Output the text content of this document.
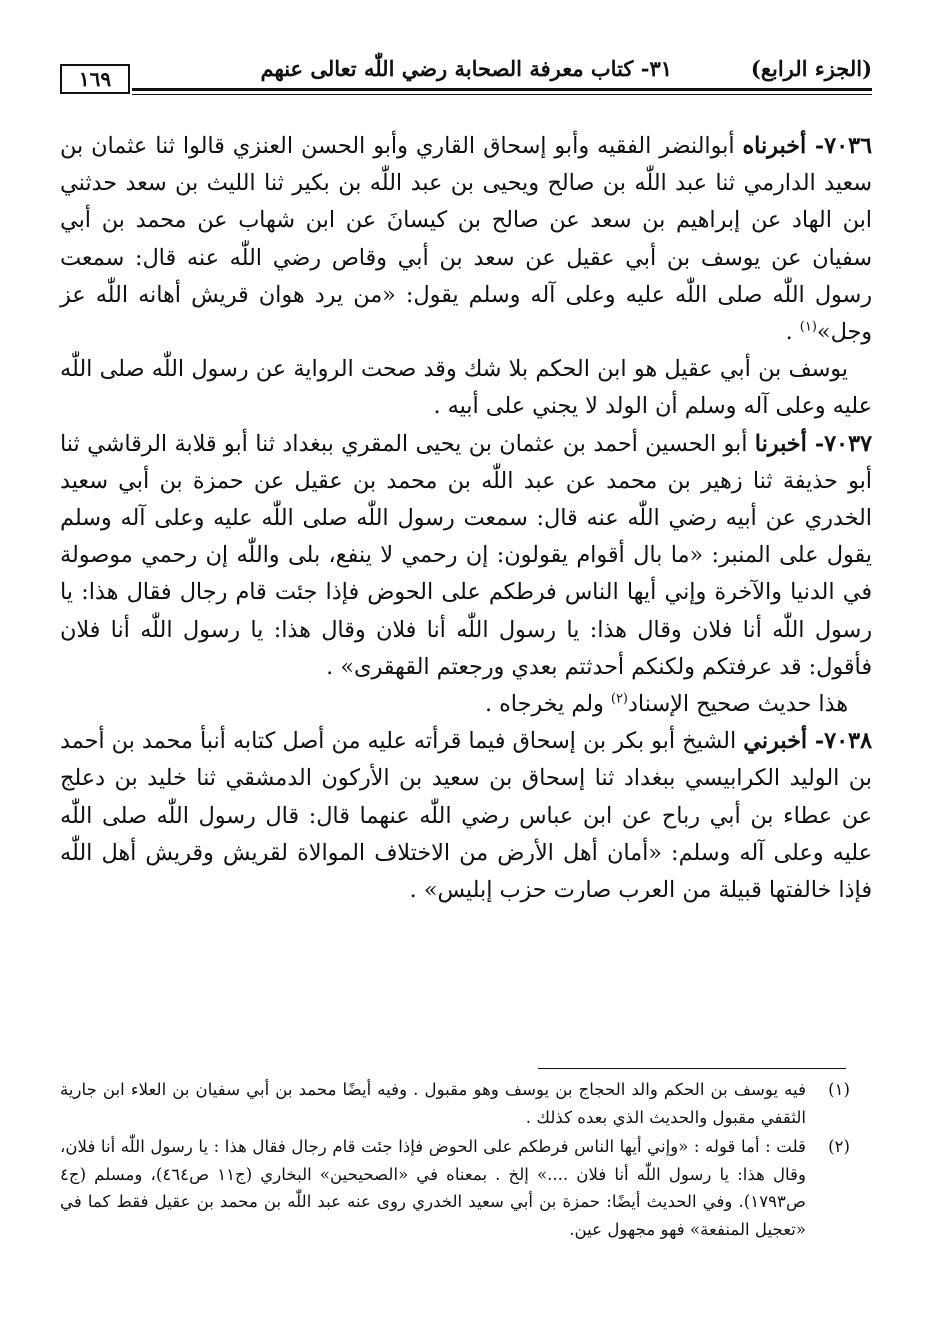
(الجزء الرابع)
٣١- كتاب معرفة الصحابة رضي اللّٰه تعالى عنهم
١٦٩

٧٠٣٦- أخبرناه أبوالنضر الفقيه وأبو إسحاق القاري وأبو الحسن العنزي قالوا ثنا عثمان بن سعيد الدارمي ثنا عبد اللّٰه بن صالح ويحيى بن عبد اللّٰه بن بكير ثنا الليث بن سعد حدثني ابن الهاد عن إبراهيم بن سعد عن صالح بن كيسانَ عن ابن شهاب عن محمد بن أبي سفيان عن يوسف بن أبي عقيل عن سعد بن أبي وقاص رضي اللّٰه عنه قال: سمعت رسول اللّٰه صلى اللّٰه عليه وعلى آله وسلم يقول: «من يرد هوان قريش أهانه اللّٰه عز وجل»$^{(١)}$ .

يوسف بن أبي عقيل هو ابن الحكم بلا شك وقد صحت الرواية عن رسول اللّٰه صلى اللّٰه عليه وعلى آله وسلم أن الولد لا يجني على أبيه .

٧٠٣٧- أخبرنا أبو الحسين أحمد بن عثمان بن يحيى المقري ببغداد ثنا أبو قلابة الرقاشي ثنا أبو حذيفة ثنا زهير بن محمد عن عبد اللّٰه بن محمد بن عقيل عن حمزة بن أبي سعيد الخدري عن أبيه رضي اللّٰه عنه قال: سمعت رسول اللّٰه صلى اللّٰه عليه وعلى آله وسلم يقول على المنبر: «ما بال أقوام يقولون: إن رحمي لا ينفع، بلى واللّٰه إن رحمي موصولة في الدنيا والآخرة وإني أيها الناس فرطكم على الحوض فإذا جئت قام رجال فقال هذا: يا رسول اللّٰه أنا فلان وقال هذا: يا رسول اللّٰه أنا فلان وقال هذا: يا رسول اللّٰه أنا فلان فأقول: قد عرفتكم ولكنكم أحدثتم بعدي ورجعتم القهقرى» .

هذا حديث صحيح الإسناد$^{(٢)}$ ولم يخرجاه .

٧٠٣٨- أخبرني الشيخ أبو بكر بن إسحاق فيما قرأته عليه من أصل كتابه أنبأ محمد بن أحمد بن الوليد الكرابيسي ببغداد ثنا إسحاق بن سعيد بن الأركون الدمشقي ثنا خليد بن دعلج عن عطاء بن أبي رباح عن ابن عباس رضي اللّٰه عنهما قال: قال رسول اللّٰه صلى اللّٰه عليه وعلى آله وسلم: «أمان أهل الأرض من الاختلاف الموالاة لقريش وقريش أهل اللّٰه فإذا خالفتها قبيلة من العرب صارت حزب إبليس» .

(١)
فيه يوسف بن الحكم والد الحجاج بن يوسف وهو مقبول . وفيه أيضًا محمد بن أبي سفيان بن العلاء ابن جارية الثقفي مقبول والحديث الذي بعده كذلك .
(٢)
قلت : أما قوله : «وإني أيها الناس فرطكم على الحوض فإذا جئت قام رجال فقال هذا : يا رسول اللّٰه أنا فلان، وقال هذا: يا رسول اللّٰه أنا فلان ....» إلخ . بمعناه في «الصحيحين» البخاري (ج١١ ص٤٦٤)، ومسلم (ج٤ ص١٧٩٣). وفي الحديث أيضًا: حمزة بن أبي سعيد الخدري روى عنه عبد اللّٰه بن محمد بن عقيل فقط كما في «تعجيل المنفعة» فهو مجهول عين.
